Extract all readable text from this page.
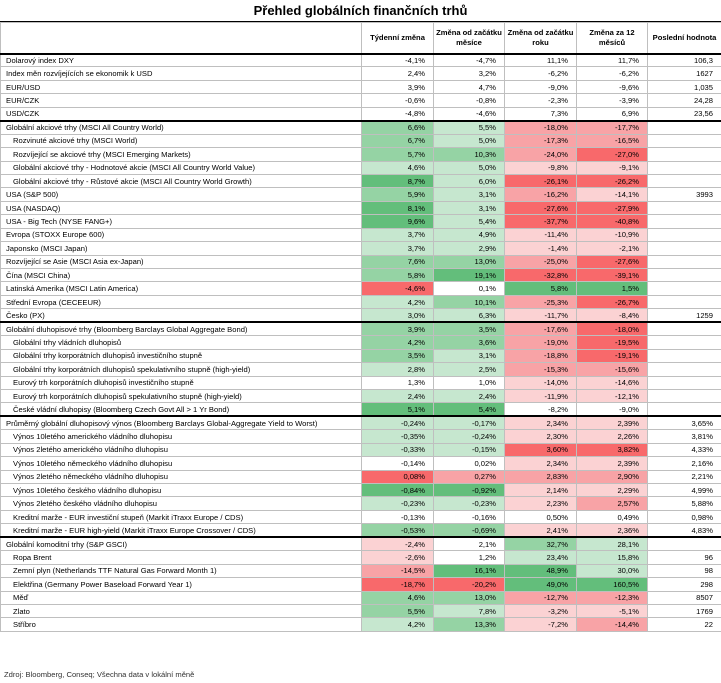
Přehled globálních finančních trhů
	Týdenní změna	Změna od začátku měsíce	Změna od začátku roku	Změna za 12 měsíců	Poslední hodnota
Dolarový index DXY	-4,1%	-4,7%	11,1%	11,7%	106,3
Index měn rozvíjejících se ekonomik k USD	2,4%	3,2%	-6,2%	-6,2%	1627
EUR/USD	3,9%	4,7%	-9,0%	-9,6%	1,035
EUR/CZK	-0,6%	-0,8%	-2,3%	-3,9%	24,28
USD/CZK	-4,8%	-4,6%	7,3%	6,9%	23,56
Globální akciové trhy (MSCI All Country World)	6,6%	5,5%	-18,0%	-17,7%	
Rozvinuté akciové trhy (MSCI World)	6,7%	5,0%	-17,3%	-16,5%	
Rozvíjející se akciové trhy (MSCI Emerging Markets)	5,7%	10,3%	-24,0%	-27,0%	
Globální akciové trhy - Hodnotové akcie (MSCI All Country World Value)	4,6%	5,0%	-9,8%	-9,1%	
Globální akciové trhy - Růstové akcie (MSCI All Country World Growth)	8,7%	6,0%	-26,1%	-26,2%	
USA (S&P 500)	5,9%	3,1%	-16,2%	-14,1%	3993
USA (NASDAQ)	8,1%	3,1%	-27,6%	-27,9%	
USA - Big Tech (NYSE FANG+)	9,6%	5,4%	-37,7%	-40,8%	
Evropa (STOXX Europe 600)	3,7%	4,9%	-11,4%	-10,9%	
Japonsko (MSCI Japan)	3,7%	2,9%	-1,4%	-2,1%	
Rozvíjející se Asie (MSCI Asia ex-Japan)	7,6%	13,0%	-25,0%	-27,6%	
Čína (MSCI China)	5,8%	19,1%	-32,8%	-39,1%	
Latinská Amerika (MSCI Latin America)	-4,6%	0,1%	5,8%	1,5%	
Střední Evropa (CECEEUR)	4,2%	10,1%	-25,3%	-26,7%	
Česko (PX)	3,0%	6,3%	-11,7%	-8,4%	1259
Globální dluhopisové trhy (Bloomberg Barclays Global Aggregate Bond)	3,9%	3,5%	-17,6%	-18,0%	
Globální trhy vládních dluhopisů	4,2%	3,6%	-19,0%	-19,5%	
Globální trhy korporátních dluhopisů investičního stupně	3,5%	3,1%	-18,8%	-19,1%	
Globální trhy korporátních dluhopisů spekulativního stupně (high-yield)	2,8%	2,5%	-15,3%	-15,6%	
Eurový trh korporátních dluhopisů investičního stupně	1,3%	1,0%	-14,0%	-14,6%	
Eurový trh korporátních dluhopisů spekulativního stupně (high-yield)	2,4%	2,4%	-11,9%	-12,1%	
České vládní dluhopisy (Bloomberg Czech Govt All > 1 Yr Bond)	5,1%	5,4%	-8,2%	-9,0%	
Průměrný globální dluhopisový výnos (Bloomberg Barclays Global-Aggregate Yield to Worst)	-0,24%	-0,17%	2,34%	2,39%	3,65%
Výnos 10letého amerického vládního dluhopisu	-0,35%	-0,24%	2,30%	2,26%	3,81%
Výnos 2letého amerického vládního dluhopisu	-0,33%	-0,15%	3,60%	3,82%	4,33%
Výnos 10letého německého vládního dluhopisu	-0,14%	0,02%	2,34%	2,39%	2,16%
Výnos 2letého německého vládního dluhopisu	0,08%	0,27%	2,83%	2,90%	2,21%
Výnos 10letého českého vládního dluhopisu	-0,84%	-0,92%	2,14%	2,29%	4,99%
Výnos 2letého českého vládního dluhopisu	-0,23%	-0,23%	2,23%	2,57%	5,88%
Kreditní marže - EUR investiční stupeň (Markit iTraxx Europe / CDS)	-0,13%	-0,16%	0,50%	0,49%	0,98%
Kreditní marže - EUR high-yield (Markit iTraxx Europe Crossover / CDS)	-0,53%	-0,69%	2,41%	2,36%	4,83%
Globální komoditní trhy (S&P GSCI)	-2,4%	2,1%	32,7%	28,1%	
Ropa Brent	-2,6%	1,2%	23,4%	15,8%	96
Zemní plyn (Netherlands TTF Natural Gas Forward Month 1)	-14,5%	16,1%	48,9%	30,0%	98
Elektřina (Germany Power Baseload Forward Year 1)	-18,7%	-20,2%	49,0%	160,5%	298
Měď	4,6%	13,0%	-12,7%	-12,3%	8507
Zlato	5,5%	7,8%	-3,2%	-5,1%	1769
Stříbro	4,2%	13,3%	-7,2%	-14,4%	22
Zdroj: Bloomberg, Conseq; Všechna data v lokální měně
